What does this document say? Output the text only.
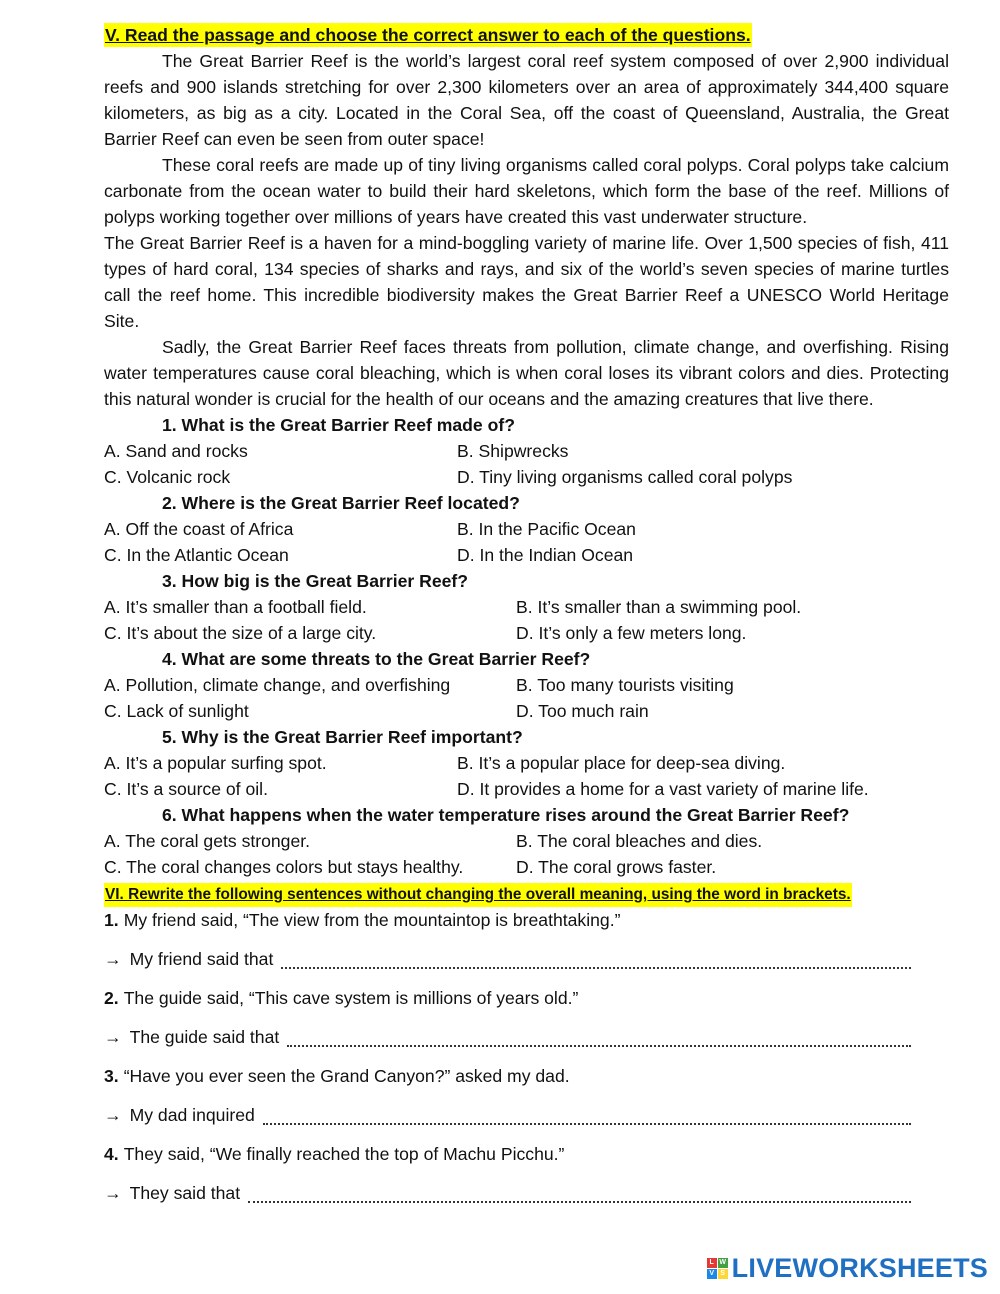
V. Read the passage and choose the correct answer to each of the questions.

The Great Barrier Reef is the world’s largest coral reef system composed of over 2,900 individual reefs and 900 islands stretching for over 2,300 kilometers over an area of approximately 344,400 square kilometers, as big as a city. Located in the Coral Sea, off the coast of Queensland, Australia, the Great Barrier Reef can even be seen from outer space!

These coral reefs are made up of tiny living organisms called coral polyps. Coral polyps take calcium carbonate from the ocean water to build their hard skeletons, which form the base of the reef. Millions of polyps working together over millions of years have created this vast underwater structure.

The Great Barrier Reef is a haven for a mind-boggling variety of marine life. Over 1,500 species of fish, 411 types of hard coral, 134 species of sharks and rays, and six of the world’s seven species of marine turtles call the reef home. This incredible biodiversity makes the Great Barrier Reef a UNESCO World Heritage Site.

Sadly, the Great Barrier Reef faces threats from pollution, climate change, and overfishing. Rising water temperatures cause coral bleaching, which is when coral loses its vibrant colors and dies. Protecting this natural wonder is crucial for the health of our oceans and the amazing creatures that live there.

1. What is the Great Barrier Reef made of?

A. Sand and rocks	B. Shipwrecks
C. Volcanic rock	D. Tiny living organisms called coral polyps

2. Where is the Great Barrier Reef located?

A. Off the coast of Africa	B. In the Pacific Ocean
C. In the Atlantic Ocean	D. In the Indian Ocean

3. How big is the Great Barrier Reef?

A. It’s smaller than a football field.	B. It’s smaller than a swimming pool.
C. It’s about the size of a large city.	D. It’s only a few meters long.

4. What are some threats to the Great Barrier Reef?

A. Pollution, climate change, and overfishing	B. Too many tourists visiting
C. Lack of sunlight	D. Too much rain

5. Why is the Great Barrier Reef important?

A. It’s a popular surfing spot.	B. It’s a popular place for deep-sea diving.
C. It’s a source of oil.	D. It provides a home for a vast variety of marine life.

6. What happens when the water temperature rises around the Great Barrier Reef?

A. The coral gets stronger.	B. The coral bleaches and dies.
C. The coral changes colors but stays healthy.	D. The coral grows faster.
VI. Rewrite the following sentences without changing the overall meaning, using the word in brackets.
1. My friend said, “The view from the mountaintop is breathtaking.”
→ My friend said that
2. The guide said, “This cave system is millions of years old.”
→ The guide said that
3. “Have you ever seen the Grand Canyon?” asked my dad.
→ My dad inquired
4. They said, “We finally reached the top of Machu Picchu.”
→ They said that
L W
V S LIVEWORKSHEETS
